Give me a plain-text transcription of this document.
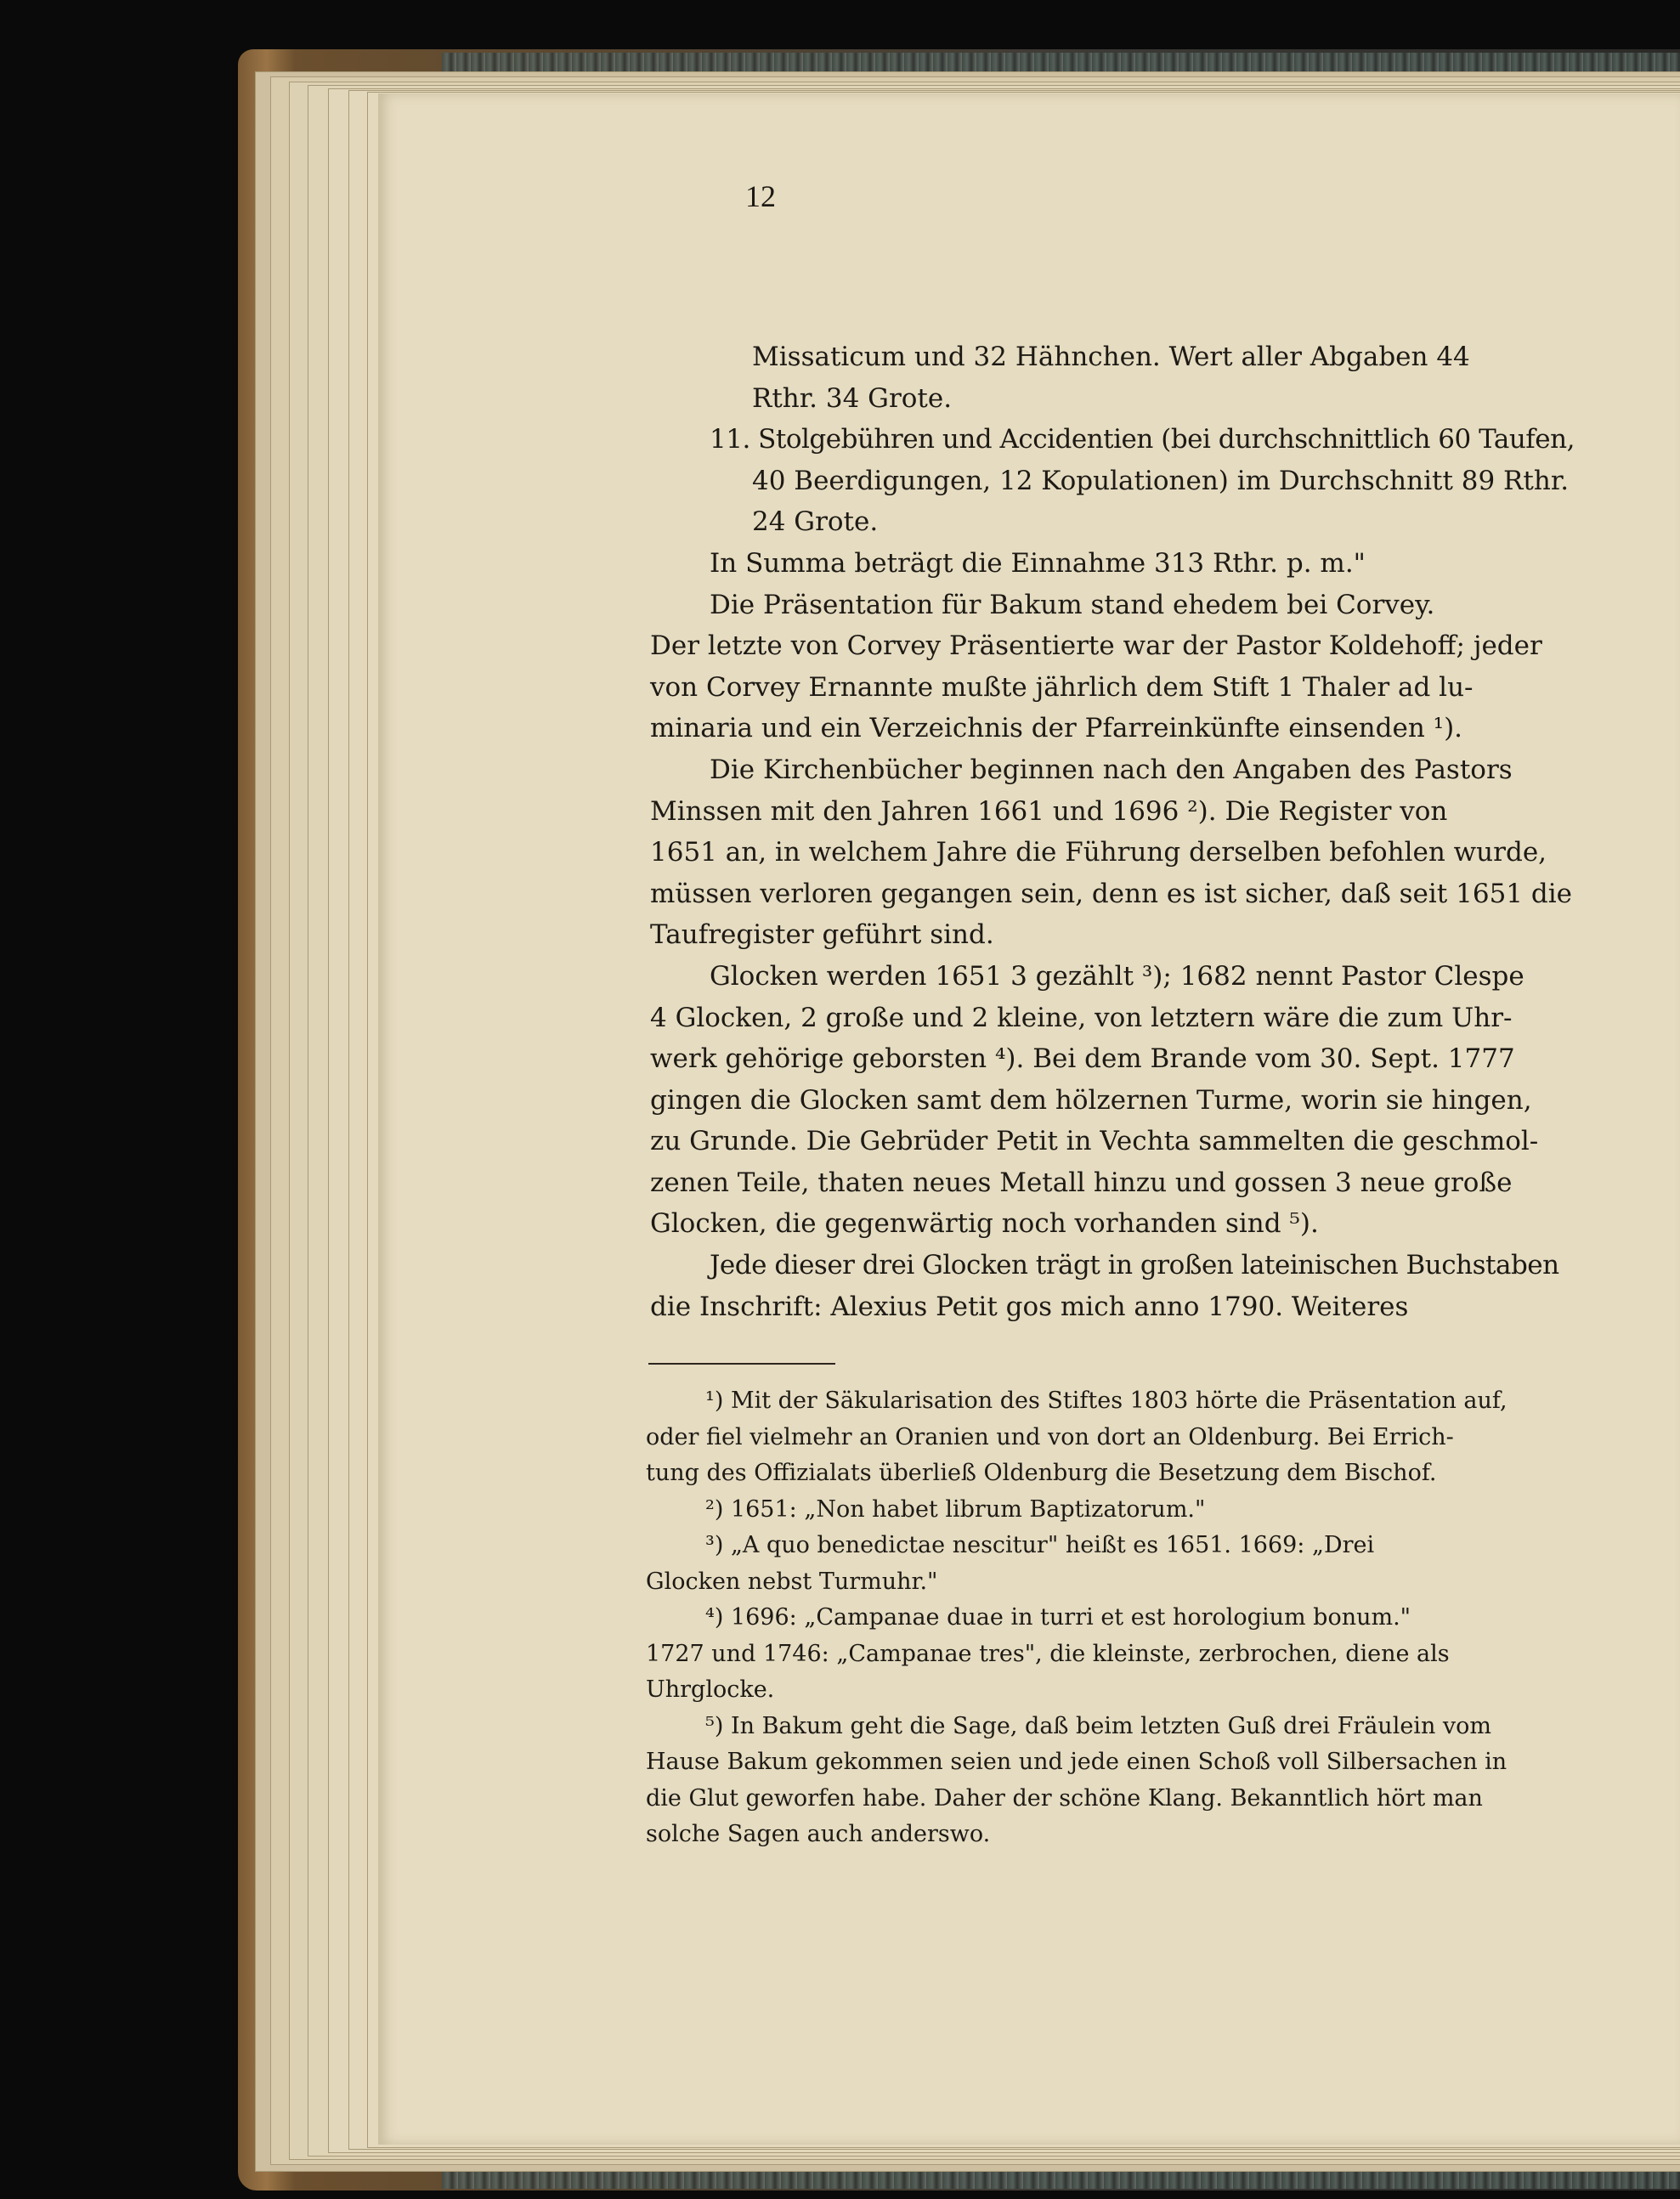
12
Missaticum und 32 Hähnchen. Wert aller Abgaben 44
Rthr. 34 Grote.
11. Stolgebühren und Accidentien (bei durchschnittlich 60 Taufen,
40 Beerdigungen, 12 Kopulationen) im Durchschnitt 89 Rthr.
24 Grote.
In Summa beträgt die Einnahme 313 Rthr. p. m."
Die Präsentation für Bakum stand ehedem bei Corvey.
Der letzte von Corvey Präsentierte war der Pastor Koldehoff; jeder
von Corvey Ernannte mußte jährlich dem Stift 1 Thaler ad lu-
minaria und ein Verzeichnis der Pfarreinkünfte einsenden ¹).
Die Kirchenbücher beginnen nach den Angaben des Pastors
Minssen mit den Jahren 1661 und 1696 ²). Die Register von
1651 an, in welchem Jahre die Führung derselben befohlen wurde,
müssen verloren gegangen sein, denn es ist sicher, daß seit 1651 die
Taufregister geführt sind.
Glocken werden 1651 3 gezählt ³); 1682 nennt Pastor Clespe
4 Glocken, 2 große und 2 kleine, von letztern wäre die zum Uhr-
werk gehörige geborsten ⁴). Bei dem Brande vom 30. Sept. 1777
gingen die Glocken samt dem hölzernen Turme, worin sie hingen,
zu Grunde. Die Gebrüder Petit in Vechta sammelten die geschmol-
zenen Teile, thaten neues Metall hinzu und gossen 3 neue große
Glocken, die gegenwärtig noch vorhanden sind ⁵).
Jede dieser drei Glocken trägt in großen lateinischen Buchstaben
die Inschrift: Alexius Petit gos mich anno 1790. Weiteres
¹) Mit der Säkularisation des Stiftes 1803 hörte die Präsentation auf,
oder fiel vielmehr an Oranien und von dort an Oldenburg. Bei Errich-
tung des Offizialats überließ Oldenburg die Besetzung dem Bischof.
²) 1651: „Non habet librum Baptizatorum."
³) „A quo benedictae nescitur" heißt es 1651. 1669: „Drei
Glocken nebst Turmuhr."
⁴) 1696: „Campanae duae in turri et est horologium bonum."
1727 und 1746: „Campanae tres", die kleinste, zerbrochen, diene als
Uhrglocke.
⁵) In Bakum geht die Sage, daß beim letzten Guß drei Fräulein vom
Hause Bakum gekommen seien und jede einen Schoß voll Silbersachen in
die Glut geworfen habe. Daher der schöne Klang. Bekanntlich hört man
solche Sagen auch anderswo.
